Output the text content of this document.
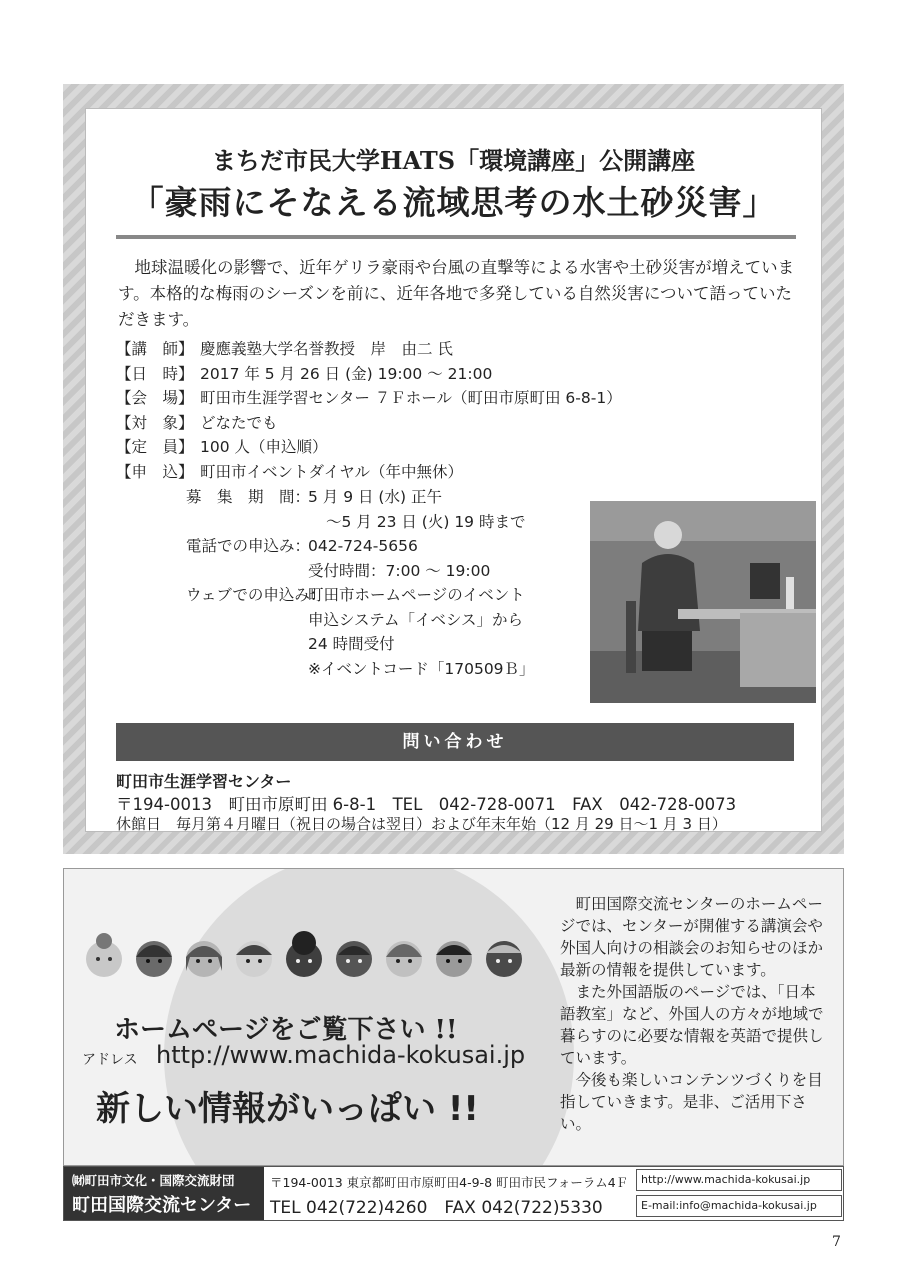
まちだ市民大学HATS「環境講座」公開講座
「豪雨にそなえる流域思考の水土砂災害」
地球温暖化の影響で、近年ゲリラ豪雨や台風の直撃等による水害や土砂災害が増えています。本格的な梅雨のシーズンを前に、近年各地で多発している自然災害について語っていただきます。
【講　師】 慶應義塾大学名誉教授　岸　由二 氏
【日　時】 2017 年 5 月 26 日 (金) 19:00 ～ 21:00
【会　場】 町田市生涯学習センター ７Ｆホール（町田市原町田 6-8-1）
【対　象】 どなたでも
【定　員】 100 人（申込順）
【申　込】 町田市イベントダイヤル（年中無休）
募　集　期　間：
5 月 9 日 (水) 正午
～5 月 23 日 (火) 19 時まで
電話での申込み：
042-724-5656
受付時間：7:00 ～ 19:00
ウェブでの申込み：
町田市ホームページのイベント
申込システム「イベシス」から
24 時間受付
※イベントコード「170509Ｂ」
問い合わせ
町田市生涯学習センター
〒194-0013　町田市原町田 6-8-1　TEL　042-728-0071　FAX　042-728-0073
休館日　毎月第４月曜日（祝日の場合は翌日）および年末年始（12 月 29 日～1 月 3 日）
ホームページをご覧下さい !!
アドレス http://www.machida-kokusai.jp
新しい情報がいっぱい !!

町田国際交流センターのホームページでは、センターが開催する講演会や外国人向けの相談会のお知らせのほか最新の情報を提供しています。

また外国語版のページでは、「日本語教室」など、外国人の方々が地域で暮らすのに必要な情報を英語で提供しています。

今後も楽しいコンテンツづくりを目指していきます。是非、ご活用下さい。

㈶町田市文化・国際交流財団
町田国際交流センター
〒194-0013 東京都町田市原町田4-9-8 町田市民フォーラム4Ｆ
TEL 042(722)4260　FAX 042(722)5330
http://www.machida-kokusai.jp
E-mail:info@machida-kokusai.jp
7
